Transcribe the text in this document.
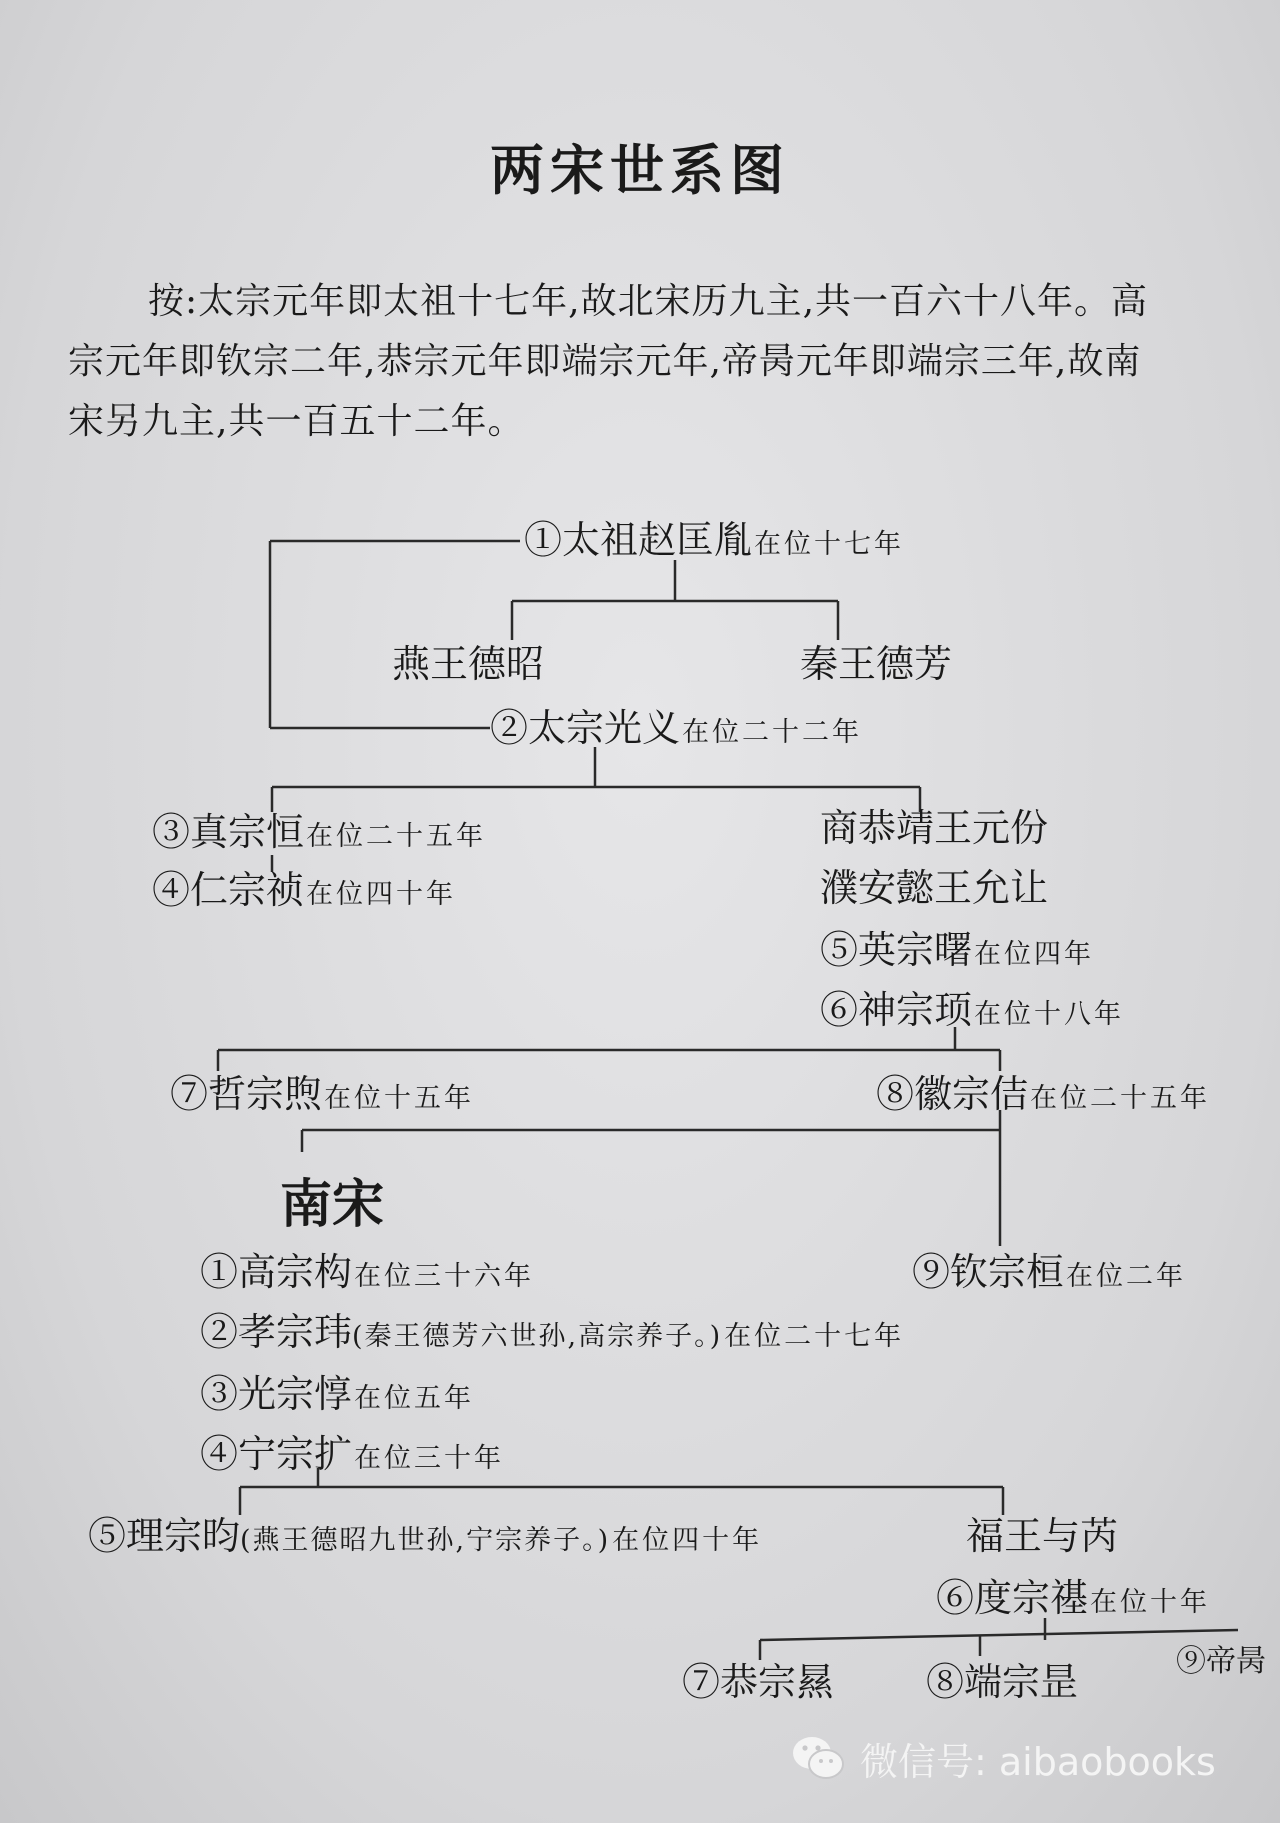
两宋世系图

按:太宗元年即太祖十七年,故北宋历九主,共一百六十八年。高

宗元年即钦宗二年,恭宗元年即端宗元年,帝昺元年即端宗三年,故南

宋另九主,共一百五十二年。

①太祖赵匡胤在位十七年
燕王德昭	秦王德芳
②太宗光义在位二十二年
③真宗恒在位二十五年
④仁宗祯在位四十年
商恭靖王元份
濮安懿王允让
⑤英宗曙在位四年
⑥神宗顼在位十八年
⑦哲宗煦在位十五年	⑧徽宗佶在位二十五年
南宋
①高宗构在位三十六年	⑨钦宗桓在位二年
②孝宗玮(秦王德芳六世孙,高宗养子。)在位二十七年
③光宗惇在位五年
④宁宗扩在位三十年
⑤理宗昀(燕王德昭九世孙,宁宗养子。)在位四十年	福王与芮
⑥度宗禥在位十年
⑦恭宗㬎 ⑧端宗昰	⑨帝昺
微信号: aibaobooks
